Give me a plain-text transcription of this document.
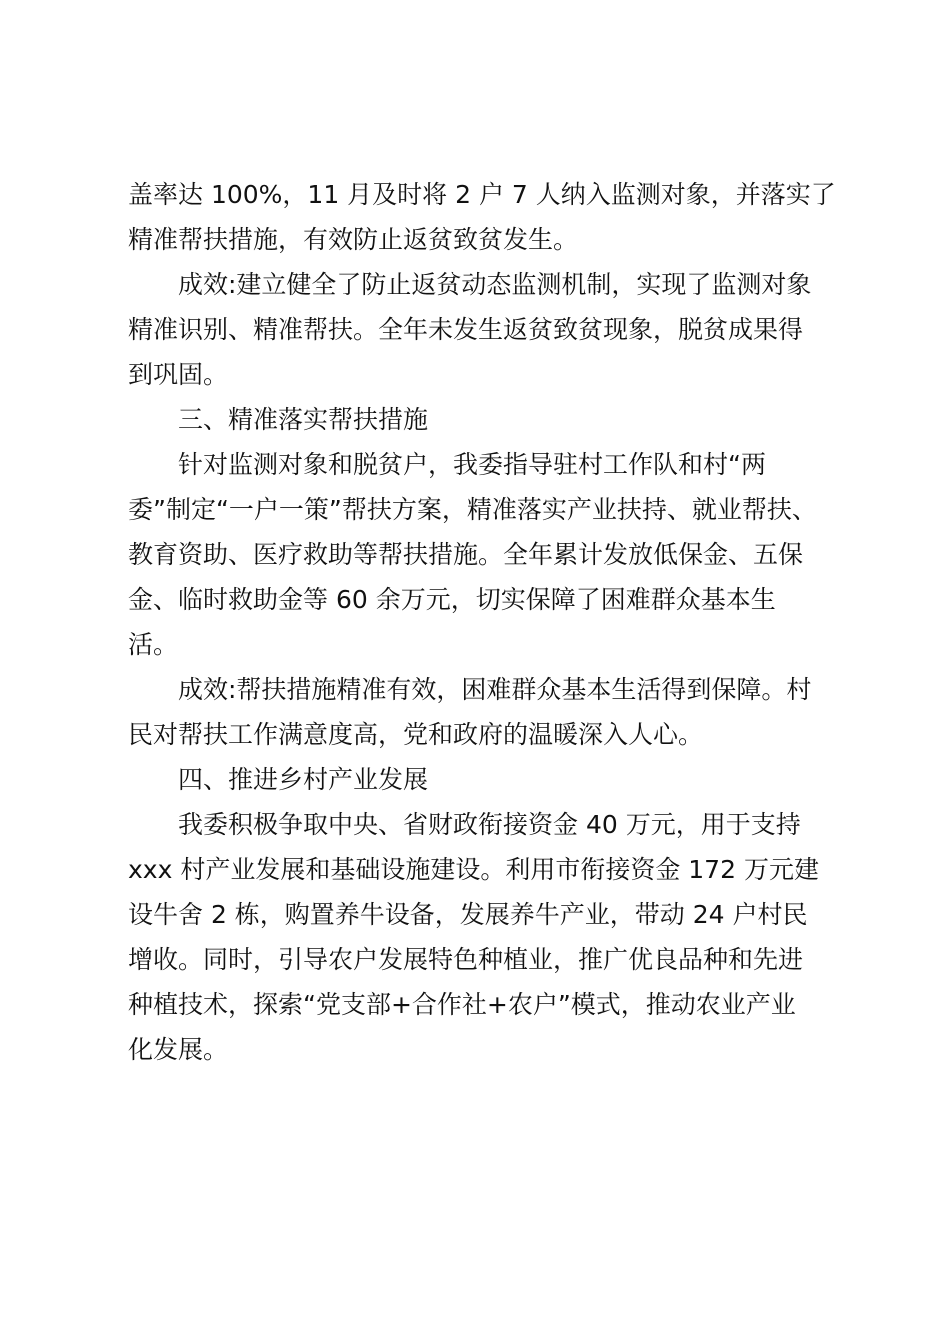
盖率达 100%，11 月及时将 2 户 7 人纳入监测对象，并落实了
精准帮扶措施，有效防止返贫致贫发生。
成效:建立健全了防止返贫动态监测机制，实现了监测对象
精准识别、精准帮扶。全年未发生返贫致贫现象，脱贫成果得
到巩固。
三、精准落实帮扶措施
针对监测对象和脱贫户，我委指导驻村工作队和村“两
委”制定“一户一策”帮扶方案，精准落实产业扶持、就业帮扶、
教育资助、医疗救助等帮扶措施。全年累计发放低保金、五保
金、临时救助金等 60 余万元，切实保障了困难群众基本生
活。
成效:帮扶措施精准有效，困难群众基本生活得到保障。村
民对帮扶工作满意度高，党和政府的温暖深入人心。
四、推进乡村产业发展
我委积极争取中央、省财政衔接资金 40 万元，用于支持
xxx 村产业发展和基础设施建设。利用市衔接资金 172 万元建
设牛舍 2 栋，购置养牛设备，发展养牛产业，带动 24 户村民
增收。同时，引导农户发展特色种植业，推广优良品种和先进
种植技术，探索“党支部+合作社+农户”模式，推动农业产业
化发展。
